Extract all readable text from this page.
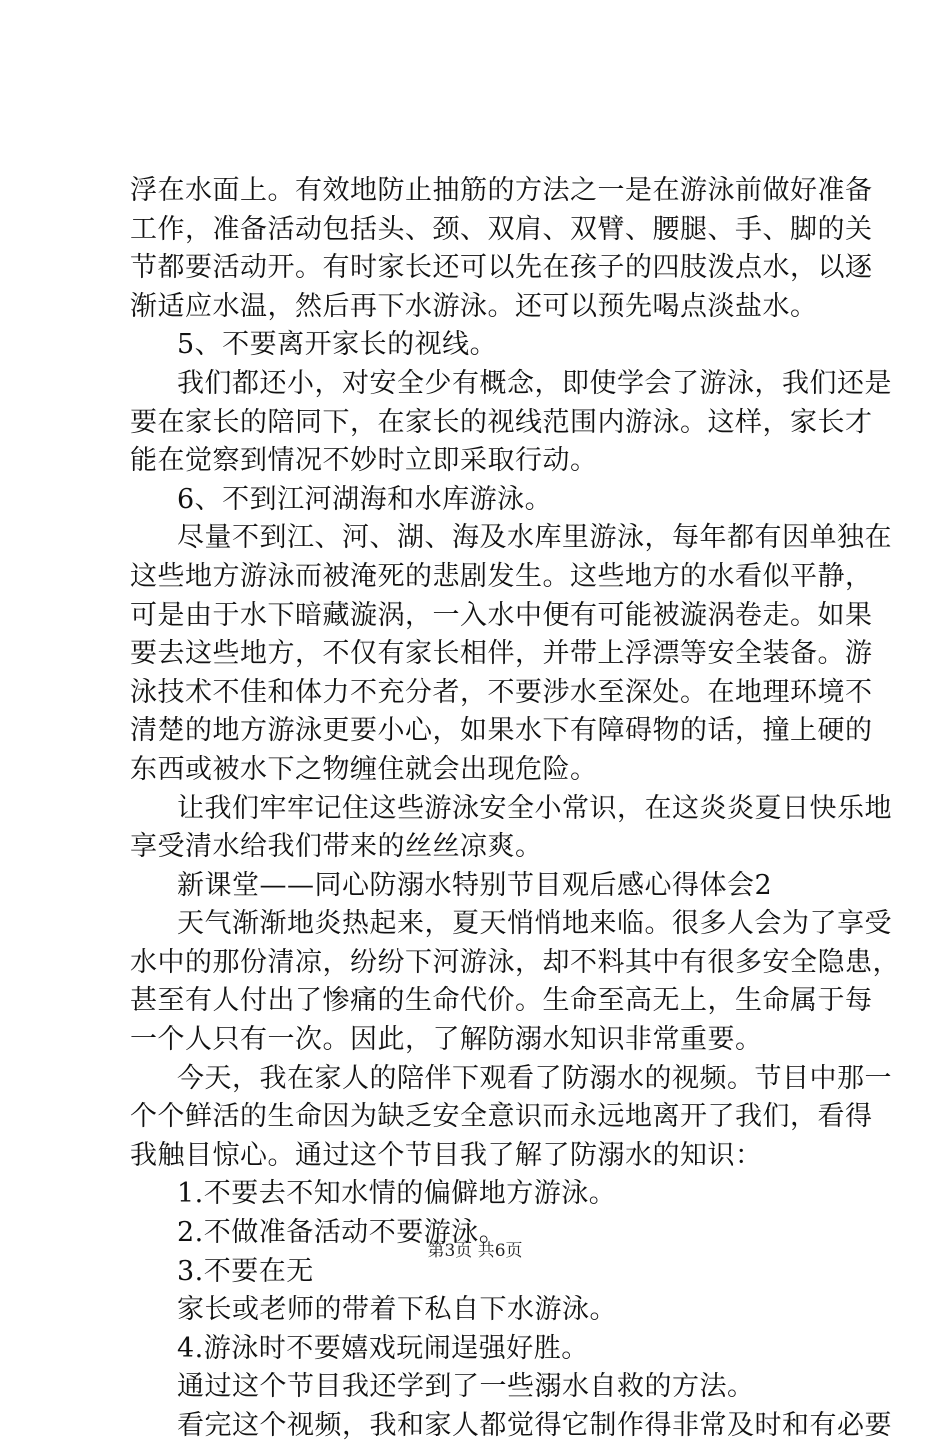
浮在水面上。有效地防止抽筋的方法之一是在游泳前做好准备
工作，准备活动包括头、颈、双肩、双臂、腰腿、手、脚的关
节都要活动开。有时家长还可以先在孩子的四肢泼点水，以逐
渐适应水温，然后再下水游泳。还可以预先喝点淡盐水。
5、不要离开家长的视线。
我们都还小，对安全少有概念，即使学会了游泳，我们还是
要在家长的陪同下，在家长的视线范围内游泳。这样，家长才
能在觉察到情况不妙时立即采取行动。
6、不到江河湖海和水库游泳。
尽量不到江、河、湖、海及水库里游泳，每年都有因单独在
这些地方游泳而被淹死的悲剧发生。这些地方的水看似平静，
可是由于水下暗藏漩涡，一入水中便有可能被漩涡卷走。如果
要去这些地方，不仅有家长相伴，并带上浮漂等安全装备。游
泳技术不佳和体力不充分者，不要涉水至深处。在地理环境不
清楚的地方游泳更要小心，如果水下有障碍物的话，撞上硬的
东西或被水下之物缠住就会出现危险。
让我们牢牢记住这些游泳安全小常识，在这炎炎夏日快乐地
享受清水给我们带来的丝丝凉爽。
新课堂——同心防溺水特别节目观后感心得体会2
天气渐渐地炎热起来，夏天悄悄地来临。很多人会为了享受
水中的那份清凉，纷纷下河游泳，却不料其中有很多安全隐患，
甚至有人付出了惨痛的生命代价。生命至高无上，生命属于每
一个人只有一次。因此，了解防溺水知识非常重要。
今天，我在家人的陪伴下观看了防溺水的视频。节目中那一
个个鲜活的生命因为缺乏安全意识而永远地离开了我们，看得
我触目惊心。通过这个节目我了解了防溺水的知识：
1.不要去不知水情的偏僻地方游泳。
2.不做准备活动不要游泳。
3.不要在无
家长或老师的带着下私自下水游泳。
4.游泳时不要嬉戏玩闹逞强好胜。
通过这个节目我还学到了一些溺水自救的方法。
看完这个视频，我和家人都觉得它制作得非常及时和有必要
第3页 共6页
